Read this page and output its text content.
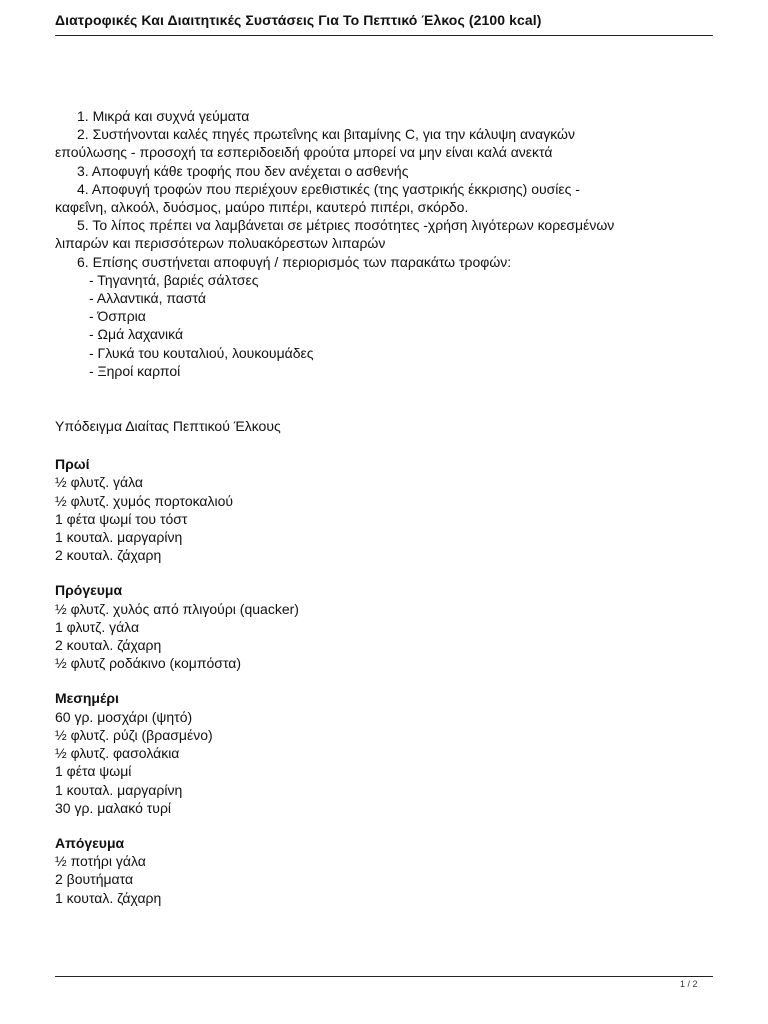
Διατροφικές Και Διαιτητικές Συστάσεις Για Το Πεπτικό Έλκος (2100 kcal)
1. Μικρά και συχνά γεύματα
2. Συστήνονται καλές πηγές πρωτεΐνης και βιταμίνης C, για την κάλυψη αναγκών
επούλωσης - προσοχή τα εσπεριδοειδή φρούτα μπορεί να μην είναι καλά ανεκτά
3. Αποφυγή κάθε τροφής που δεν ανέχεται ο ασθενής
4. Αποφυγή τροφών που περιέχουν ερεθιστικές (της γαστρικής έκκρισης) ουσίες -
καφεΐνη, αλκοόλ, δυόσμος, μαύρο πιπέρι, καυτερό πιπέρι, σκόρδο.
5. Το λίπος πρέπει να λαμβάνεται σε μέτριες ποσότητες -χρήση λιγότερων κορεσμένων
λιπαρών και περισσότερων πολυακόρεστων λιπαρών
6. Επίσης συστήνεται αποφυγή / περιορισμός των παρακάτω τροφών:
- Τηγανητά, βαριές σάλτσες
- Αλλαντικά, παστά
- Όσπρια
- Ωμά λαχανικά
- Γλυκά του κουταλιού, λουκουμάδες
- Ξηροί καρποί
Υπόδειγμα Διαίτας Πεπτικού Έλκους
Πρωί
½ φλυτζ. γάλα
½ φλυτζ. χυμός πορτοκαλιού
1 φέτα ψωμί του τόστ
1 κουταλ. μαργαρίνη
2 κουταλ. ζάχαρη
Πρόγευμα
½ φλυτζ. χυλός από πλιγούρι (quacker)
1 φλυτζ. γάλα
2 κουταλ. ζάχαρη
½ φλυτζ ροδάκινο (κομπόστα)
Μεσημέρι
60 γρ. μοσχάρι (ψητό)
½ φλυτζ. ρύζι (βρασμένο)
½ φλυτζ. φασολάκια
1 φέτα ψωμί
1 κουταλ. μαργαρίνη
30 γρ. μαλακό τυρί
Απόγευμα
½ ποτήρι γάλα
2 βουτήματα
1 κουταλ. ζάχαρη
1 / 2
